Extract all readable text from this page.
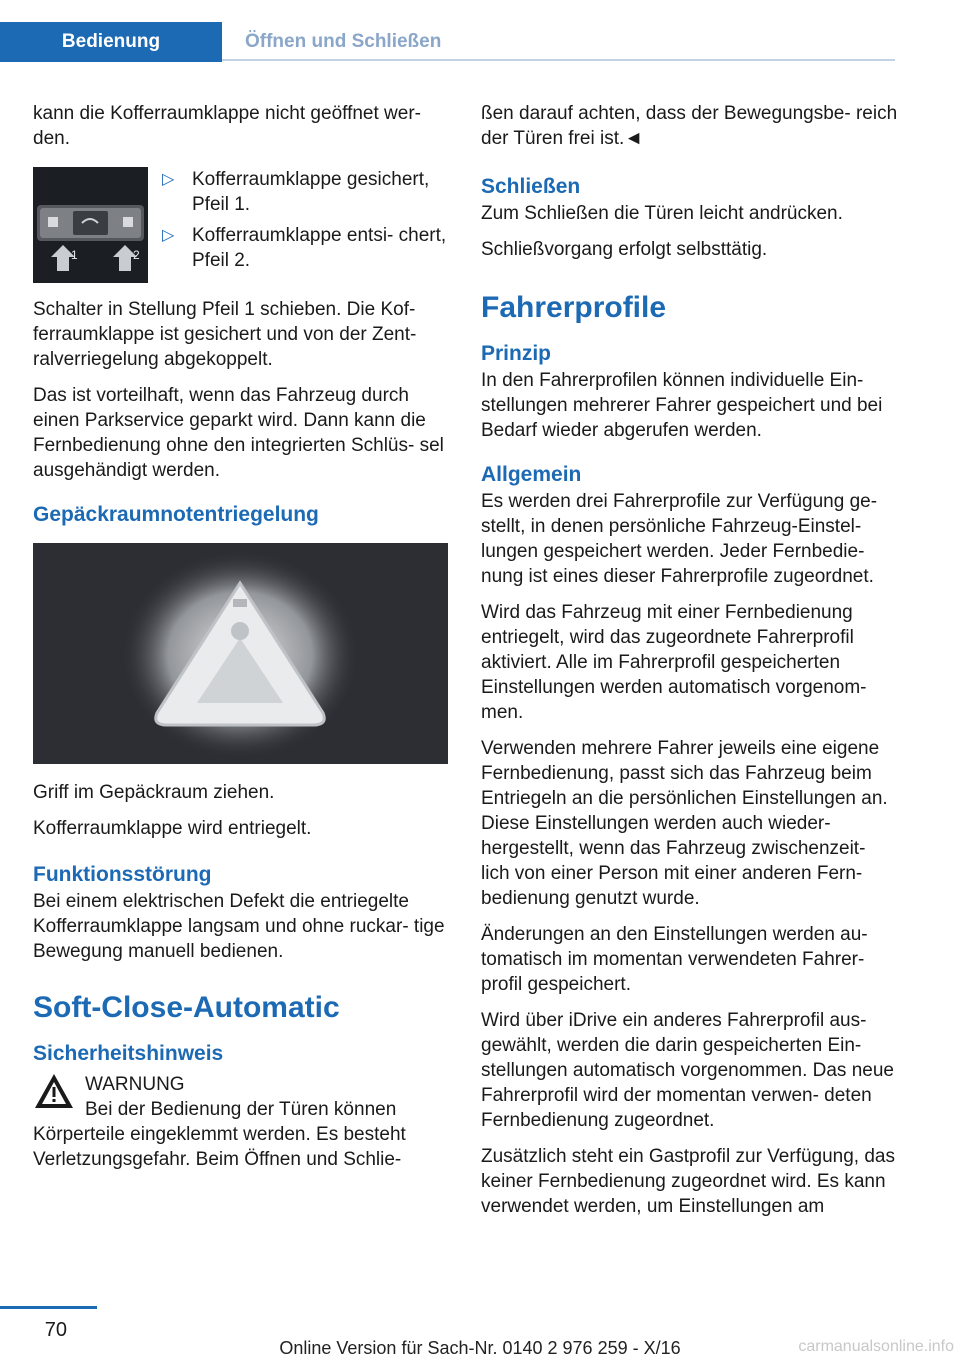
Bedienung	Öffnen und Schließen

kann die Kofferraumklappe nicht geöffnet wer- den.

1	2
▷ Kofferraumklappe gesichert, Pfeil 1.
▷ Kofferraumklappe entsi- chert, Pfeil 2.

Schalter in Stellung Pfeil 1 schieben. Die Kof- ferraumklappe ist gesichert und von der Zent- ralverriegelung abgekoppelt.

Das ist vorteilhaft, wenn das Fahrzeug durch einen Parkservice geparkt wird. Dann kann die Fernbedienung ohne den integrierten Schlüs- sel ausgehändigt werden.

Gepäckraumnotentriegelung

Griff im Gepäckraum ziehen.

Kofferraumklappe wird entriegelt.

Funktionsstörung

Bei einem elektrischen Defekt die entriegelte Kofferraumklappe langsam und ohne ruckar- tige Bewegung manuell bedienen.

Soft-Close-Automatic
Sicherheitshinweis
WARNUNG
Bei der Bedienung der Türen können

Körperteile eingeklemmt werden. Es besteht Verletzungsgefahr. Beim Öffnen und Schlie-

ßen darauf achten, dass der Bewegungsbe- reich der Türen frei ist.◄

Schließen

Zum Schließen die Türen leicht andrücken.

Schließvorgang erfolgt selbsttätig.

Fahrerprofile
Prinzip

In den Fahrerprofilen können individuelle Ein- stellungen mehrerer Fahrer gespeichert und bei Bedarf wieder abgerufen werden.

Allgemein

Es werden drei Fahrerprofile zur Verfügung ge- stellt, in denen persönliche Fahrzeug-Einstel- lungen gespeichert werden. Jeder Fernbedie- nung ist eines dieser Fahrerprofile zugeordnet.

Wird das Fahrzeug mit einer Fernbedienung entriegelt, wird das zugeordnete Fahrerprofil aktiviert. Alle im Fahrerprofil gespeicherten Einstellungen werden automatisch vorgenom- men.

Verwenden mehrere Fahrer jeweils eine eigene Fernbedienung, passt sich das Fahrzeug beim Entriegeln an die persönlichen Einstellungen an. Diese Einstellungen werden auch wieder- hergestellt, wenn das Fahrzeug zwischenzeit- lich von einer Person mit einer anderen Fern- bedienung genutzt wurde.

Änderungen an den Einstellungen werden au- tomatisch im momentan verwendeten Fahrer- profil gespeichert.

Wird über iDrive ein anderes Fahrerprofil aus- gewählt, werden die darin gespeicherten Ein- stellungen automatisch vorgenommen. Das neue Fahrerprofil wird der momentan verwen- deten Fernbedienung zugeordnet.

Zusätzlich steht ein Gastprofil zur Verfügung, das keiner Fernbedienung zugeordnet wird. Es kann verwendet werden, um Einstellungen am

70
Online Version für Sach-Nr. 0140 2 976 259 - X/16	carmanualsonline.info
